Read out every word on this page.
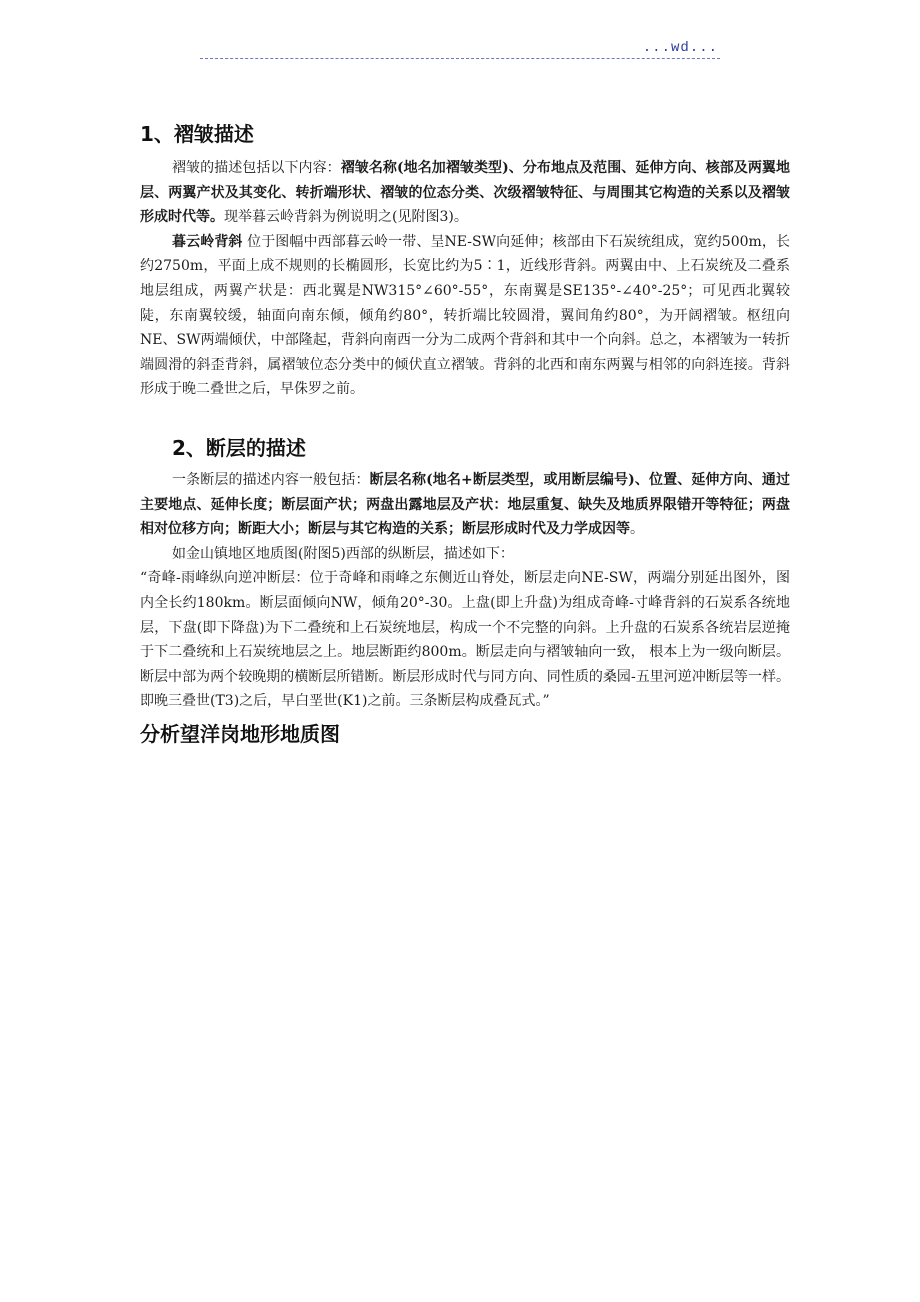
...wd...
1、褶皱描述

褶皱的描述包括以下内容：褶皱名称(地名加褶皱类型)、分布地点及范围、延伸方向、核部及两翼地层、两翼产状及其变化、转折端形状、褶皱的位态分类、次级褶皱特征、与周围其它构造的关系以及褶皱形成时代等。现举暮云岭背斜为例说明之(见附图3)。

暮云岭背斜 位于图幅中西部暮云岭一带、呈NE-SW向延伸；核部由下石炭统组成，宽约500m，长约2750m，平面上成不规则的长椭圆形，长宽比约为5∶1，近线形背斜。两翼由中、上石炭统及二叠系地层组成，两翼产状是：西北翼是NW315°∠60°-55°，东南翼是SE135°-∠40°-25°；可见西北翼较陡，东南翼较缓，轴面向南东倾，倾角约80°，转折端比较圆滑，翼间角约80°，为开阔褶皱。枢纽向NE、SW两端倾伏，中部隆起，背斜向南西一分为二成两个背斜和其中一个向斜。总之，本褶皱为一转折端圆滑的斜歪背斜，属褶皱位态分类中的倾伏直立褶皱。背斜的北西和南东两翼与相邻的向斜连接。背斜形成于晚二叠世之后，早侏罗之前。

2、断层的描述

一条断层的描述内容一般包括：断层名称(地名+断层类型，或用断层编号)、位置、延伸方向、通过主要地点、延伸长度；断层面产状；两盘出露地层及产状：地层重复、缺失及地质界限错开等特征；两盘相对位移方向；断距大小；断层与其它构造的关系；断层形成时代及力学成因等。

如金山镇地区地质图(附图5)西部的纵断层，描述如下：

“奇峰-雨峰纵向逆冲断层：位于奇峰和雨峰之东侧近山脊处，断层走向NE-SW，两端分别延出图外，图内全长约180km。断层面倾向NW，倾角20°-30。上盘(即上升盘)为组成奇峰-寸峰背斜的石炭系各统地层，下盘(即下降盘)为下二叠统和上石炭统地层，构成一个不完整的向斜。上升盘的石炭系各统岩层逆掩于下二叠统和上石炭统地层之上。地层断距约800m。断层走向与褶皱轴向一致， 根本上为一级向断层。断层中部为两个较晚期的横断层所错断。断层形成时代与同方向、同性质的桑园-五里河逆冲断层等一样。即晚三叠世(T3)之后，早白垩世(K1)之前。三条断层构成叠瓦式。”

分析望洋岗地形地质图
